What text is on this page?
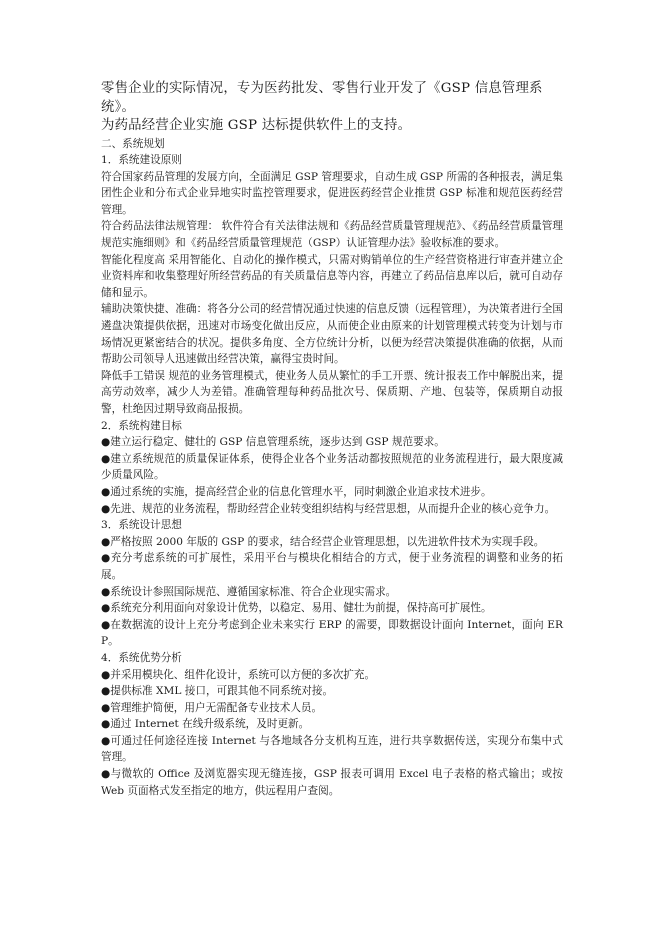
零售企业的实际情况，专为医药批发、零售行业开发了《GSP 信息管理系统》。

为药品经营企业实施 GSP 达标提供软件上的支持。

二、系统规划

1．系统建设原则

符合国家药品管理的发展方向，全面满足 GSP 管理要求，自动生成 GSP 所需的各种报表，满足集团性企业和分布式企业异地实时监控管理要求，促进医药经营企业推贯 GSP 标准和规范医药经营管理。

符合药品法律法规管理： 软件符合有关法律法规和《药品经营质量管理规范》、《药品经营质量管理规范实施细则》和《药品经营质量管理规范（GSP）认证管理办法》验收标准的要求。

智能化程度高 采用智能化、自动化的操作模式，只需对购销单位的生产经营资格进行审查并建立企业资料库和收集整理好所经营药品的有关质量信息等内容，再建立了药品信息库以后，就可自动存储和显示。

辅助决策快捷、准确：将各分公司的经营情况通过快速的信息反馈（远程管理），为决策者进行全国遴盘决策提供依据，迅速对市场变化做出反应，从而使企业由原来的计划管理模式转变为计划与市场情况更紧密结合的状况。提供多角度、全方位统计分析，以便为经营决策提供准确的依据，从而帮助公司领导人迅速做出经营决策，赢得宝贵时间。

降低手工错误 规范的业务管理模式，使业务人员从繁忙的手工开票、统计报表工作中解脱出来，提高劳动效率，减少人为差错。准确管理每种药品批次号、保质期、产地、包装等，保质期自动报警，杜绝因过期导致商品报损。

2．系统构建目标

●建立运行稳定、健壮的 GSP 信息管理系统，逐步达到 GSP 规范要求。

●建立系统规范的质量保证体系，使得企业各个业务活动都按照规范的业务流程进行，最大限度减少质量风险。

●通过系统的实施，提高经营企业的信息化管理水平，同时刺激企业追求技术进步。

●先进、规范的业务流程，帮助经营企业转变组织结构与经营思想，从而提升企业的核心竞争力。

3．系统设计思想

●严格按照 2000 年版的 GSP 的要求，结合经营企业管理思想，以先进软件技术为实现手段。

●充分考虑系统的可扩展性，采用平台与模块化相结合的方式，便于业务流程的调整和业务的拓展。

●系统设计参照国际规范、遵循国家标准、符合企业现实需求。

●系统充分利用面向对象设计优势，以稳定、易用、健壮为前提，保持高可扩展性。

●在数据流的设计上充分考虑到企业未来实行 ERP 的需要，即数据设计面向 Internet，面向 ERP。

4．系统优势分析

●并采用模块化、组件化设计，系统可以方便的多次扩充。

●提供标准 XML 接口，可跟其他不同系统对接。

●管理维护简便，用户无需配备专业技术人员。

●通过 Internet 在线升级系统，及时更新。

●可通过任何途径连接 Internet 与各地域各分支机构互连，进行共享数据传送，实现分布集中式管理。

●与微软的 Office 及浏览器实现无缝连接，GSP 报表可调用 Excel 电子表格的格式输出；或按 Web 页面格式发至指定的地方，供远程用户查阅。
